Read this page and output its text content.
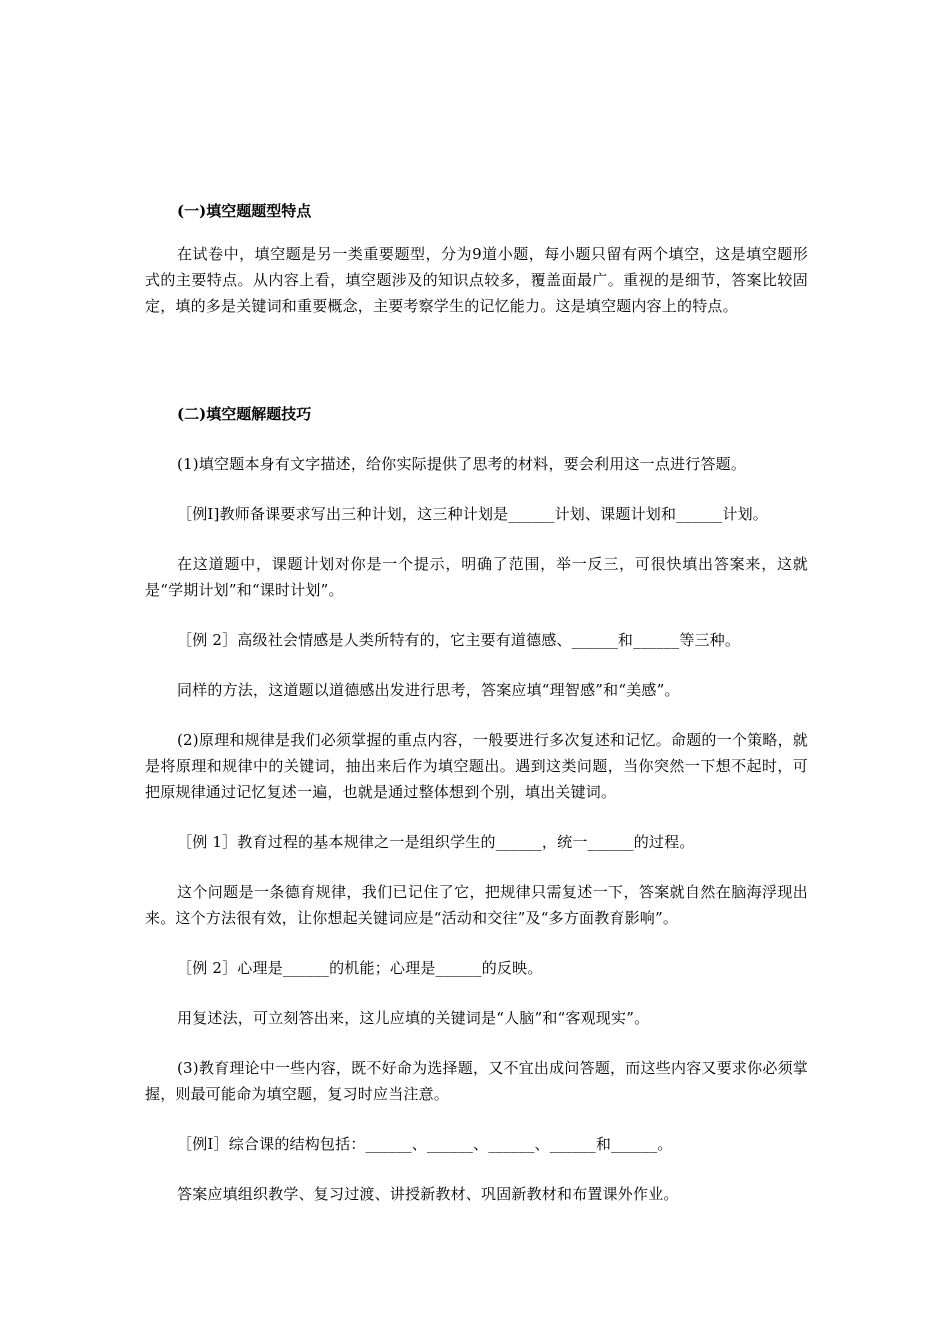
(一)填空题题型特点

在试卷中，填空题是另一类重要题型，分为9道小题，每小题只留有两个填空，这是填空题形式的主要特点。从内容上看，填空题涉及的知识点较多，覆盖面最广。重视的是细节，答案比较固定，填的多是关键词和重要概念，主要考察学生的记忆能力。这是填空题内容上的特点。

(二)填空题解题技巧

(1)填空题本身有文字描述，给你实际提供了思考的材料，要会利用这一点进行答题。

［例Ⅰ]教师备课要求写出三种计划，这三种计划是______计划、课题计划和______计划。

在这道题中，课题计划对你是一个提示，明确了范围，举一反三，可很快填出答案来，这就是“学期计划”和“课时计划”。

［例 2］高级社会情感是人类所特有的，它主要有道德感、______和______等三种。

同样的方法，这道题以道德感出发进行思考，答案应填“理智感”和“美感”。

(2)原理和规律是我们必须掌握的重点内容，一般要进行多次复述和记忆。命题的一个策略，就是将原理和规律中的关键词，抽出来后作为填空题出。遇到这类问题，当你突然一下想不起时，可把原规律通过记忆复述一遍，也就是通过整体想到个别，填出关键词。

［例 1］教育过程的基本规律之一是组织学生的______，统一______的过程。

这个问题是一条德育规律，我们已记住了它，把规律只需复述一下，答案就自然在脑海浮现出来。这个方法很有效，让你想起关键词应是“活动和交往”及“多方面教育影响”。

［例 2］心理是______的机能；心理是______的反映。

用复述法，可立刻答出来，这儿应填的关键词是“人脑”和“客观现实”。

(3)教育理论中一些内容，既不好命为选择题，又不宜出成问答题，而这些内容又要求你必须掌握，则最可能命为填空题，复习时应当注意。

［例Ⅰ］综合课的结构包括：______、______、______、______和______。

答案应填组织教学、复习过渡、讲授新教材、巩固新教材和布置课外作业。
